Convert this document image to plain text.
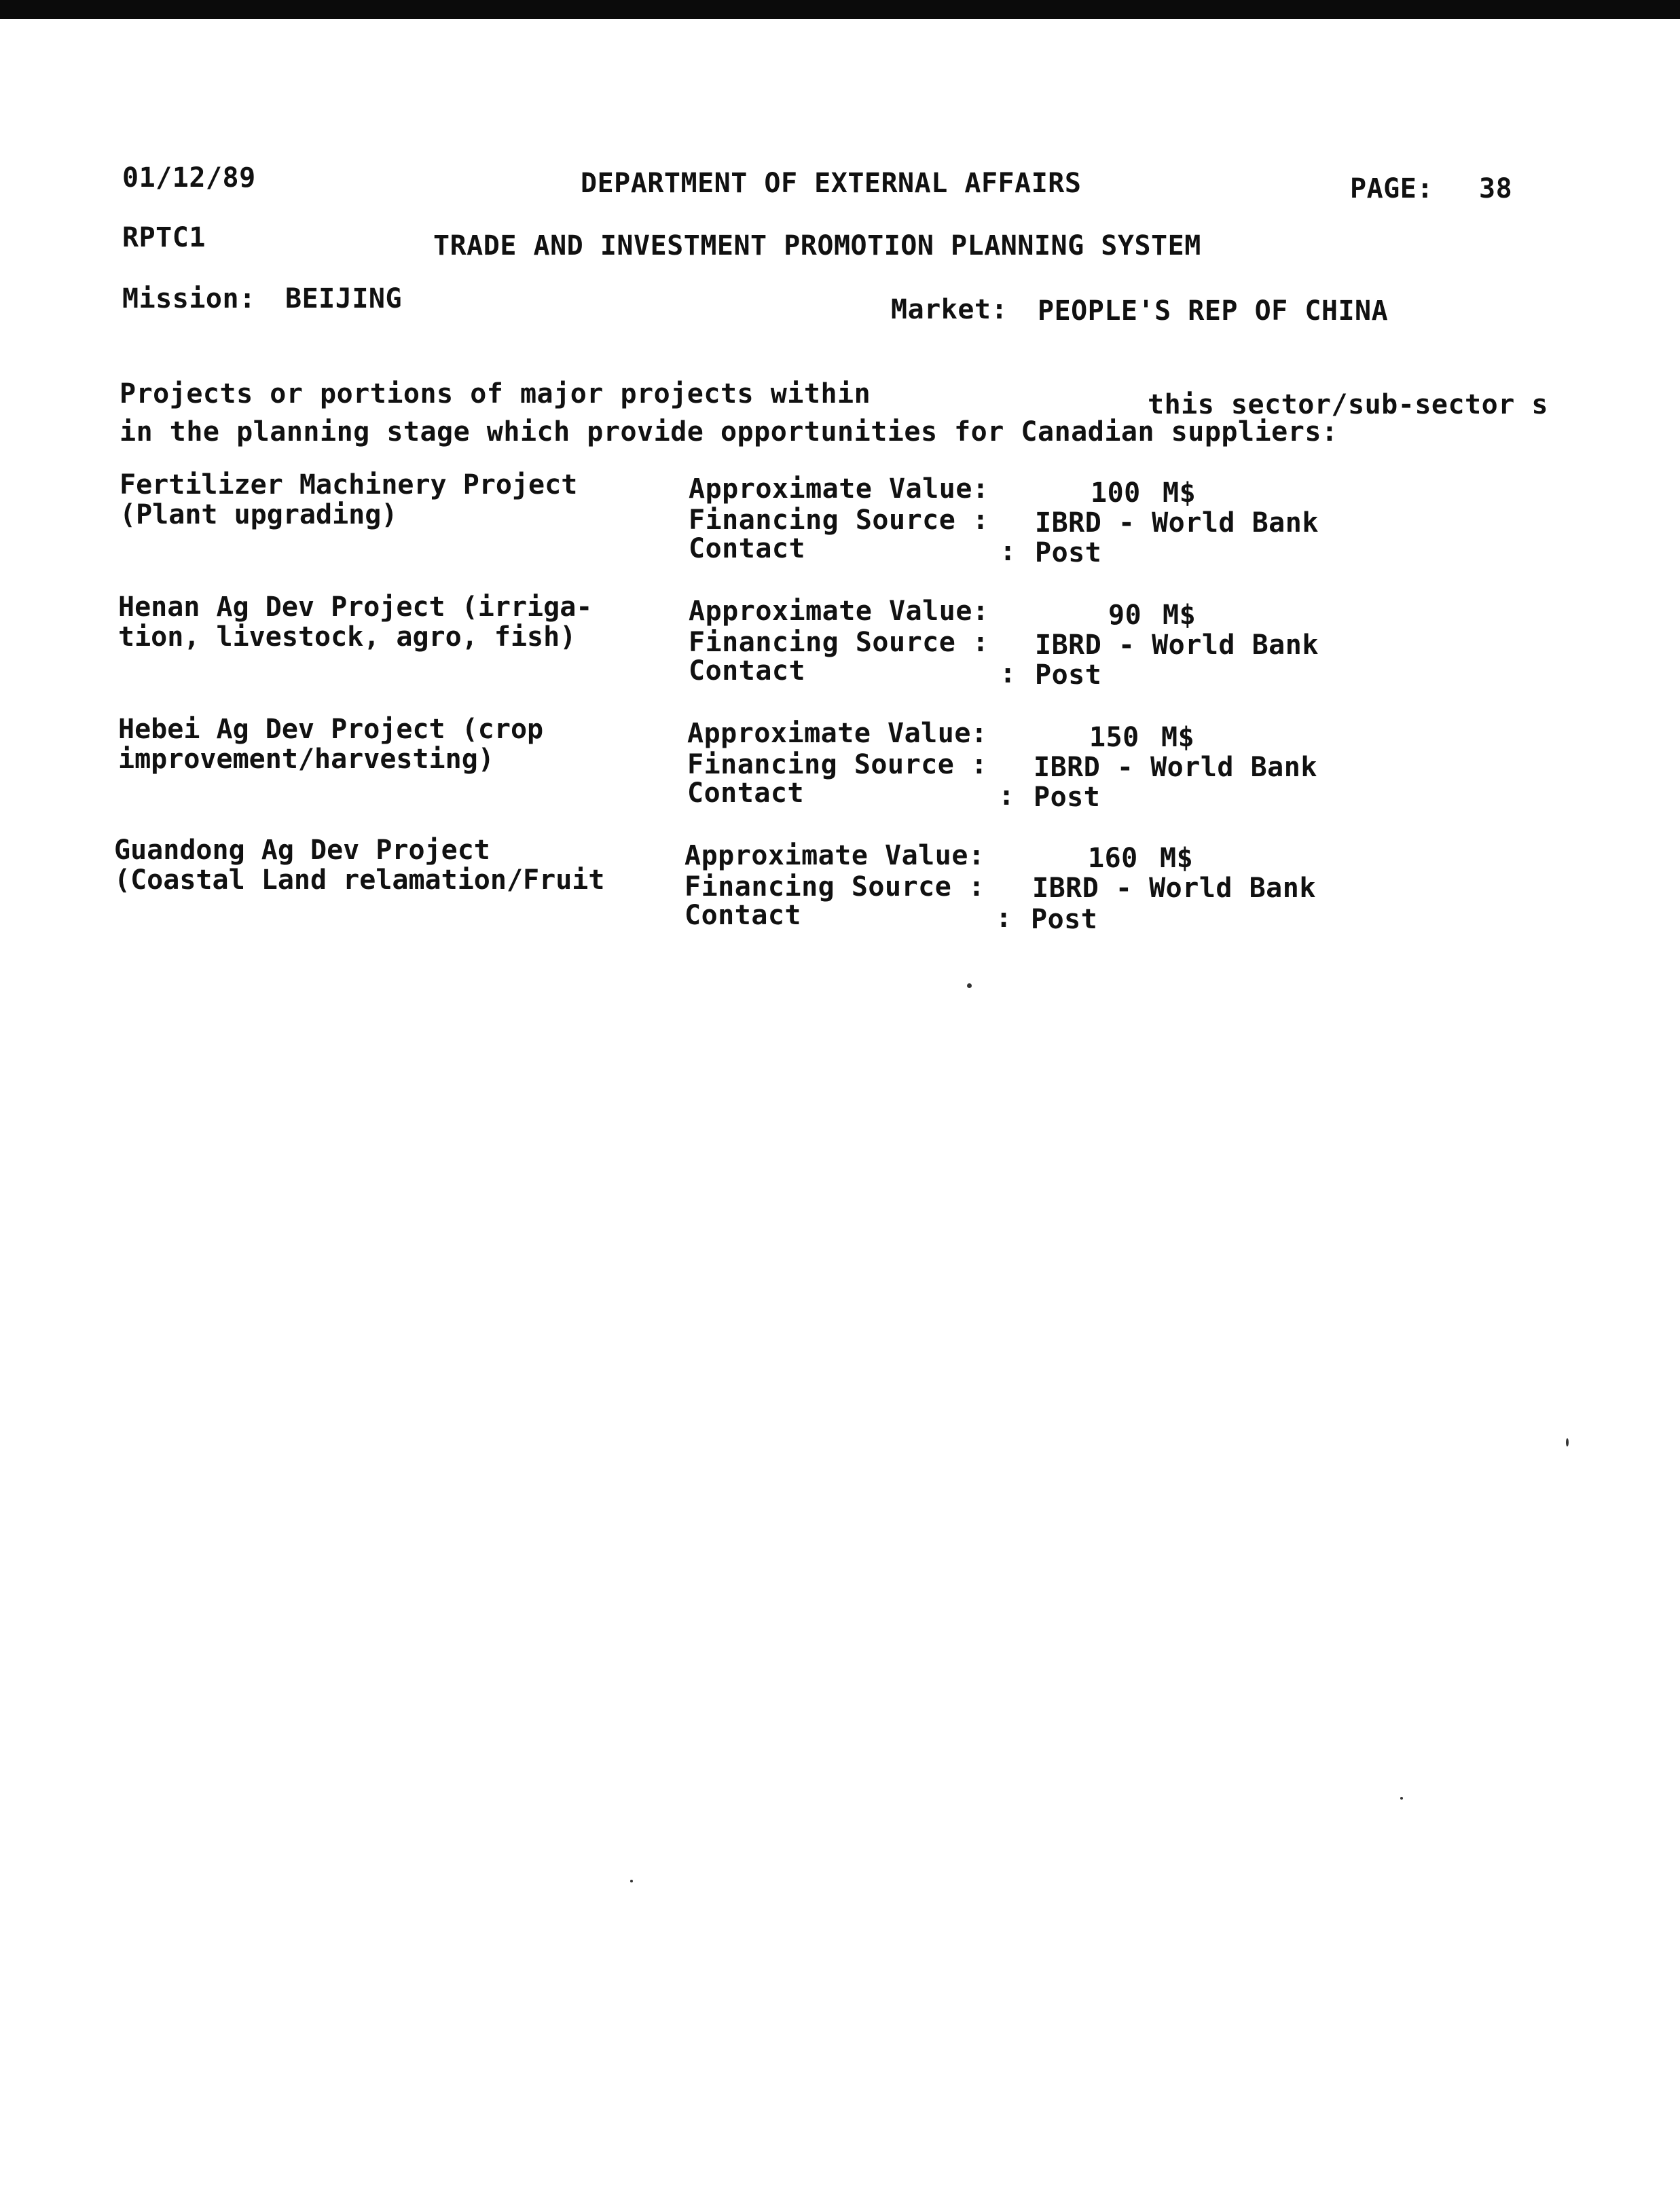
01/12/89	DEPARTMENT OF EXTERNAL AFFAIRS	PAGE: 38
RPTC1	TRADE AND INVESTMENT PROMOTION PLANNING SYSTEM
Mission: BEIJING	Market: PEOPLE'S REP OF CHINA
Projects or portions of major projects within	this sector/sub-sector s
in the planning stage which provide opportunities for Canadian suppliers:
Fertilizer Machinery Project
(Plant upgrading)
Approximate Value:	100 M$
Financing Source : IBRD - World Bank
Contact	: Post
Henan Ag Dev Project (irriga-
tion, livestock, agro, fish)
Approximate Value:	90 M$
Financing Source : IBRD - World Bank
Contact	: Post
Hebei Ag Dev Project (crop
improvement/harvesting)
Approximate Value:	150 M$
Financing Source : IBRD - World Bank
Contact	: Post
Guandong Ag Dev Project
(Coastal Land relamation/Fruit
Approximate Value:	160 M$
Financing Source : IBRD - World Bank
Contact	: Post
